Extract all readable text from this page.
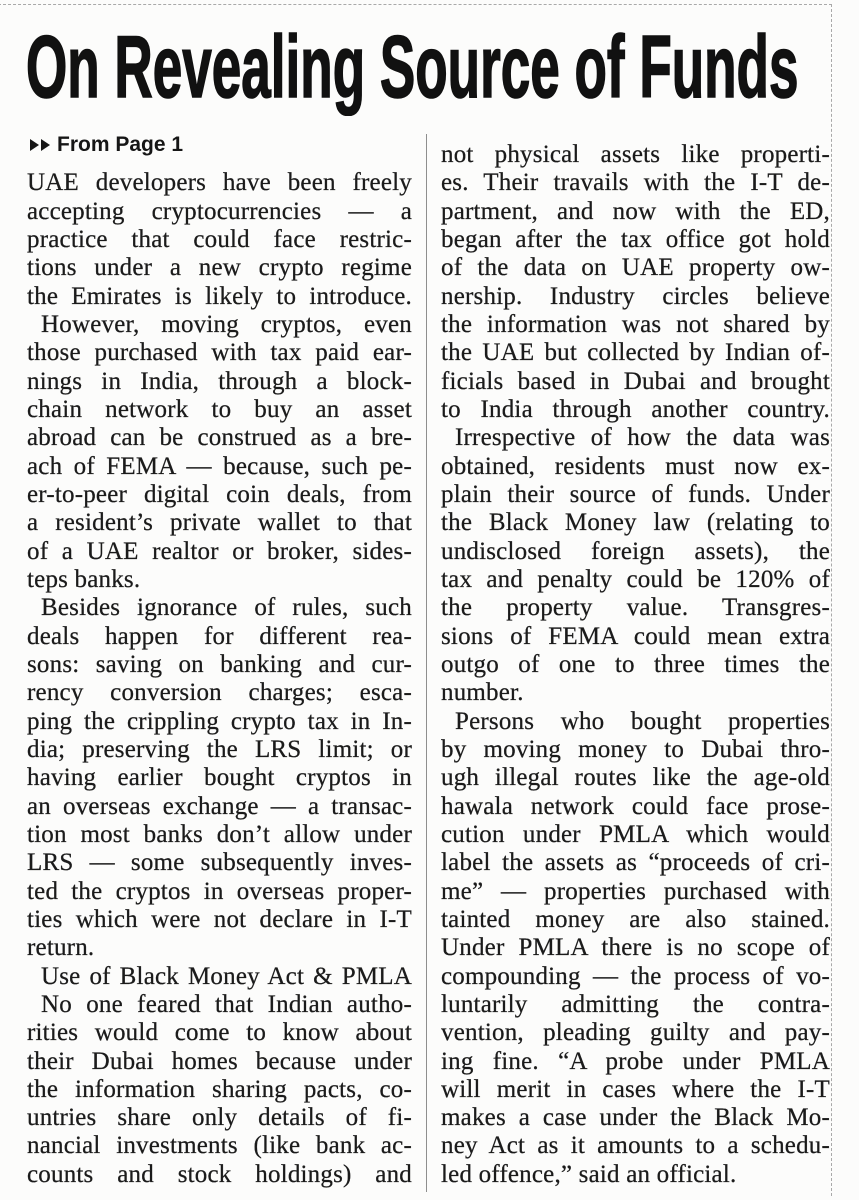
On Revealing Source of Funds
From Page 1
UAE developers have been freely
accepting cryptocurrencies — a
practice that could face restric-
tions under a new crypto regime
the Emirates is likely to introduce.
However, moving cryptos, even
those purchased with tax paid ear-
nings in India, through a block-
chain network to buy an asset
abroad can be construed as a bre-
ach of FEMA — because, such pe-
er-to-peer digital coin deals, from
a resident’s private wallet to that
of a UAE realtor or broker, sides-
teps banks.
Besides ignorance of rules, such
deals happen for different rea-
sons: saving on banking and cur-
rency conversion charges; esca-
ping the crippling crypto tax in In-
dia; preserving the LRS limit; or
having earlier bought cryptos in
an overseas exchange — a transac-
tion most banks don’t allow under
LRS — some subsequently inves-
ted the cryptos in overseas proper-
ties which were not declare in I-T
return.
Use of Black Money Act & PMLA
No one feared that Indian autho-
rities would come to know about
their Dubai homes because under
the information sharing pacts, co-
untries share only details of fi-
nancial investments (like bank ac-
counts and stock holdings) and
not physical assets like properti-
es. Their travails with the I-T de-
partment, and now with the ED,
began after the tax office got hold
of the data on UAE property ow-
nership. Industry circles believe
the information was not shared by
the UAE but collected by Indian of-
ficials based in Dubai and brought
to India through another country.
Irrespective of how the data was
obtained, residents must now ex-
plain their source of funds. Under
the Black Money law (relating to
undisclosed foreign assets), the
tax and penalty could be 120% of
the property value. Transgres-
sions of FEMA could mean extra
outgo of one to three times the
number.
Persons who bought properties
by moving money to Dubai thro-
ugh illegal routes like the age-old
hawala network could face prose-
cution under PMLA which would
label the assets as “proceeds of cri-
me” — properties purchased with
tainted money are also stained.
Under PMLA there is no scope of
compounding — the process of vo-
luntarily admitting the contra-
vention, pleading guilty and pay-
ing fine. “A probe under PMLA
will merit in cases where the I-T
makes a case under the Black Mo-
ney Act as it amounts to a schedu-
led offence,” said an official.
